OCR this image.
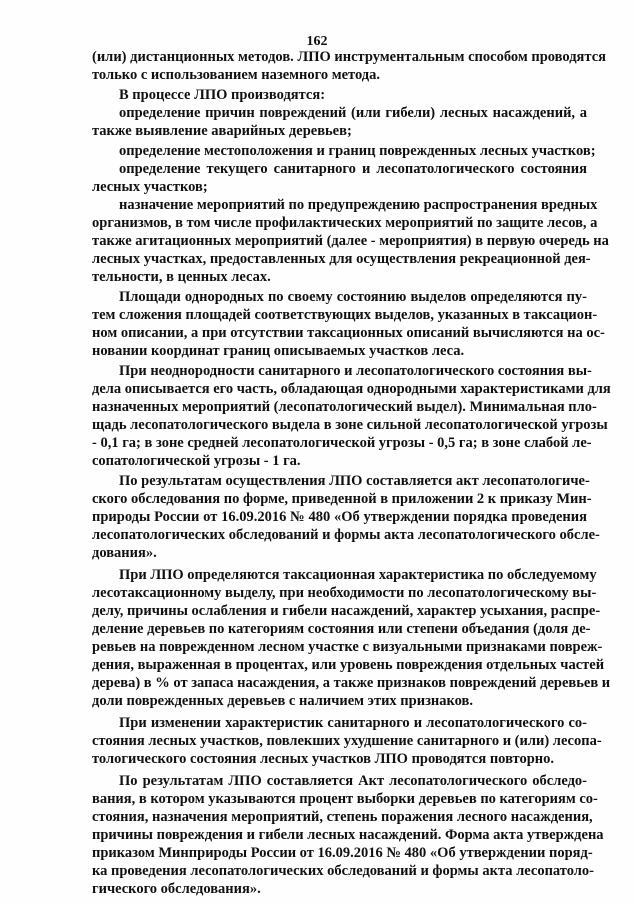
162
(или) дистанционных методов. ЛПО инструментальным способом проводятся
только с использованием наземного метода.
В процессе ЛПО производятся:
определение причин повреждений (или гибели) лесных насаждений, а
также выявление аварийных деревьев;
определение местоположения и границ поврежденных лесных участков;
определение текущего санитарного и лесопатологического состояния
лесных участков;
назначение мероприятий по предупреждению распространения вредных
организмов, в том числе профилактических мероприятий по защите лесов, а
также агитационных мероприятий (далее - мероприятия) в первую очередь на
лесных участках, предоставленных для осуществления рекреационной дея-
тельности, в ценных лесах.
Площади однородных по своему состоянию выделов определяются пу-
тем сложения площадей соответствующих выделов, указанных в таксацион-
ном описании, а при отсутствии таксационных описаний вычисляются на ос-
новании координат границ описываемых участков леса.
При неоднородности санитарного и лесопатологического состояния вы-
дела описывается его часть, обладающая однородными характеристиками для
назначенных мероприятий (лесопатологический выдел). Минимальная пло-
щадь лесопатологического выдела в зоне сильной лесопатологической угрозы
- 0,1 га; в зоне средней лесопатологической угрозы - 0,5 га; в зоне слабой ле-
сопатологической угрозы - 1 га.
По результатам осуществления ЛПО составляется акт лесопатологиче-
ского обследования по форме, приведенной в приложении 2 к приказу Мин-
природы России от 16.09.2016 № 480 «Об утверждении порядка проведения
лесопатологических обследований и формы акта лесопатологического обсле-
дования».
При ЛПО определяются таксационная характеристика по обследуемому
лесотаксационному выделу, при необходимости по лесопатологическому вы-
делу, причины ослабления и гибели насаждений, характер усыхания, распре-
деление деревьев по категориям состояния или степени объедания (доля де-
ревьев на поврежденном лесном участке с визуальными признаками повреж-
дения, выраженная в процентах, или уровень повреждения отдельных частей
дерева) в % от запаса насаждения, а также признаков повреждений деревьев и
доли поврежденных деревьев с наличием этих признаков.
При изменении характеристик санитарного и лесопатологического со-
стояния лесных участков, повлекших ухудшение санитарного и (или) лесопа-
тологического состояния лесных участков ЛПО проводятся повторно.
По результатам ЛПО составляется Акт лесопатологического обследо-
вания, в котором указываются процент выборки деревьев по категориям со-
стояния, назначения мероприятий, степень поражения лесного насаждения,
причины повреждения и гибели лесных насаждений. Форма акта утверждена
приказом Минприроды России от 16.09.2016 № 480 «Об утверждении поряд-
ка проведения лесопатологических обследований и формы акта лесопатоло-
гического обследования».
